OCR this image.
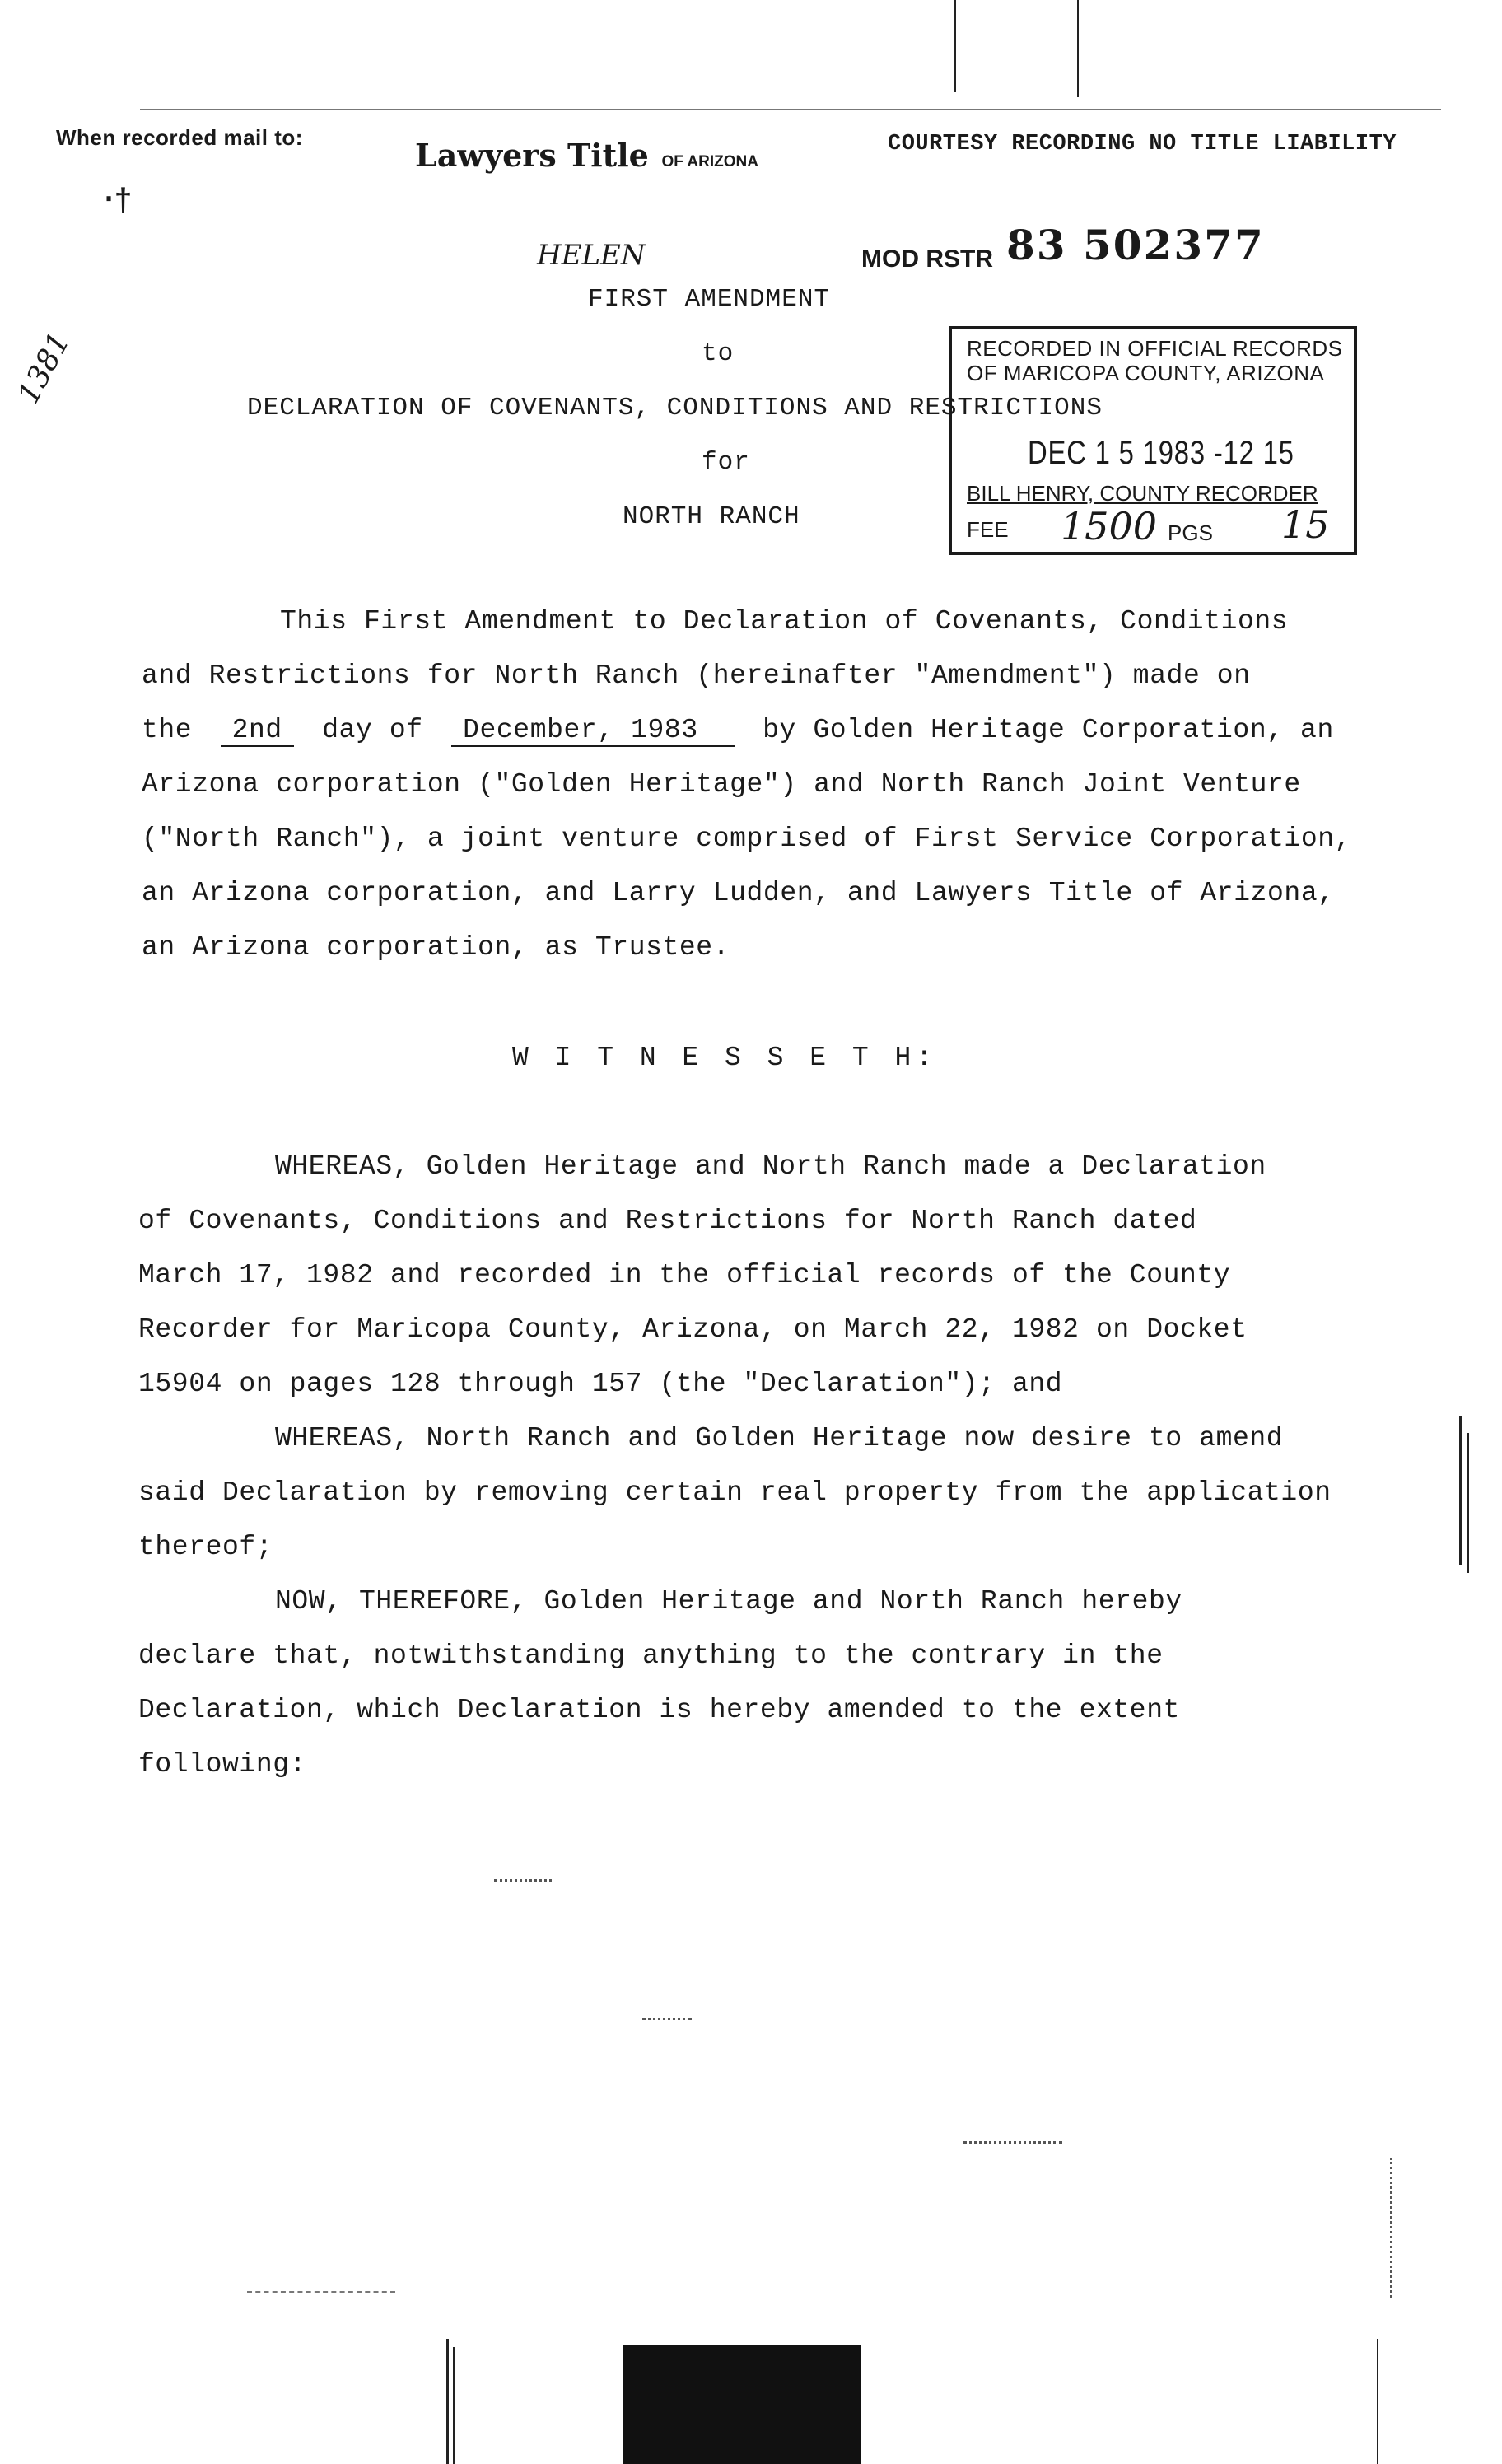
When recorded mail to:	Lawyers Title OF ARIZONA
COURTESY RECORDING NO TITLE LIABILITY
‧†
1381
HELEN	MOD RSTR 83 502377
FIRST AMENDMENT
to
DECLARATION OF COVENANTS, CONDITIONS AND RESTRICTIONS
for
NORTH RANCH
RECORDED IN OFFICIAL RECORDS
OF MARICOPA COUNTY, ARIZONA
DEC 1 5 1983 -12 15
BILL HENRY, COUNTY RECORDER
FEE 1500 PGS 15
This First Amendment to Declaration of Covenants, Conditions
and Restrictions for North Ranch (hereinafter "Amendment") made on
the 2nd day of December, 1983 by Golden Heritage Corporation, an
Arizona corporation ("Golden Heritage") and North Ranch Joint Venture
("North Ranch"), a joint venture comprised of First Service Corporation,
an Arizona corporation, and Larry Ludden, and Lawyers Title of Arizona,
an Arizona corporation, as Trustee.
W I T N E S S E T H:
WHEREAS, Golden Heritage and North Ranch made a Declaration
of Covenants, Conditions and Restrictions for North Ranch dated
March 17, 1982 and recorded in the official records of the County
Recorder for Maricopa County, Arizona, on March 22, 1982 on Docket
15904 on pages 128 through 157 (the "Declaration"); and
WHEREAS, North Ranch and Golden Heritage now desire to amend
said Declaration by removing certain real property from the application
thereof;
NOW, THEREFORE, Golden Heritage and North Ranch hereby
declare that, notwithstanding anything to the contrary in the
Declaration, which Declaration is hereby amended to the extent
following:
